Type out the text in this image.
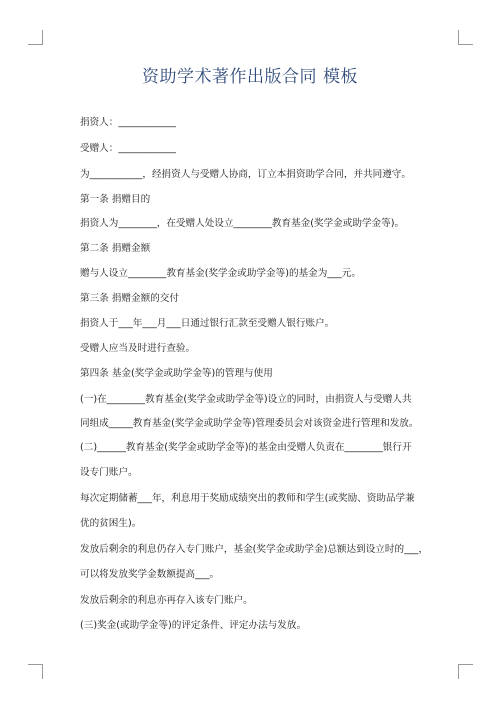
资助学术著作出版合同 模板
捐资人：____________
受赠人：____________
为___________，经捐资人与受赠人协商，订立本捐资助学合同，并共同遵守。
第一条 捐赠目的
捐资人为________，在受赠人处设立________教育基金(奖学金或助学金等)。
第二条 捐赠金额
赠与人设立________教育基金(奖学金或助学金等)的基金为___元。
第三条 捐赠金额的交付
捐资人于___年___月___日通过银行汇款至受赠人银行账户。
受赠人应当及时进行查验。
第四条 基金(奖学金或助学金等)的管理与使用
(一)在________教育基金(奖学金或助学金等)设立的同时，由捐资人与受赠人共
同组成_____教育基金(奖学金或助学金等)管理委员会对该资金进行管理和发放。
(二)______教育基金(奖学金或助学金等)的基金由受赠人负责在________银行开
设专门账户。
每次定期储蓄___年，利息用于奖励成绩突出的教师和学生(或奖励、资助品学兼
优的贫困生)。
发放后剩余的利息仍存入专门账户，基金(奖学金或助学金)总额达到设立时的___，
可以将发放奖学金数额提高___。
发放后剩余的利息亦再存入该专门账户。
(三)奖金(或助学金等)的评定条件、评定办法与发放。
